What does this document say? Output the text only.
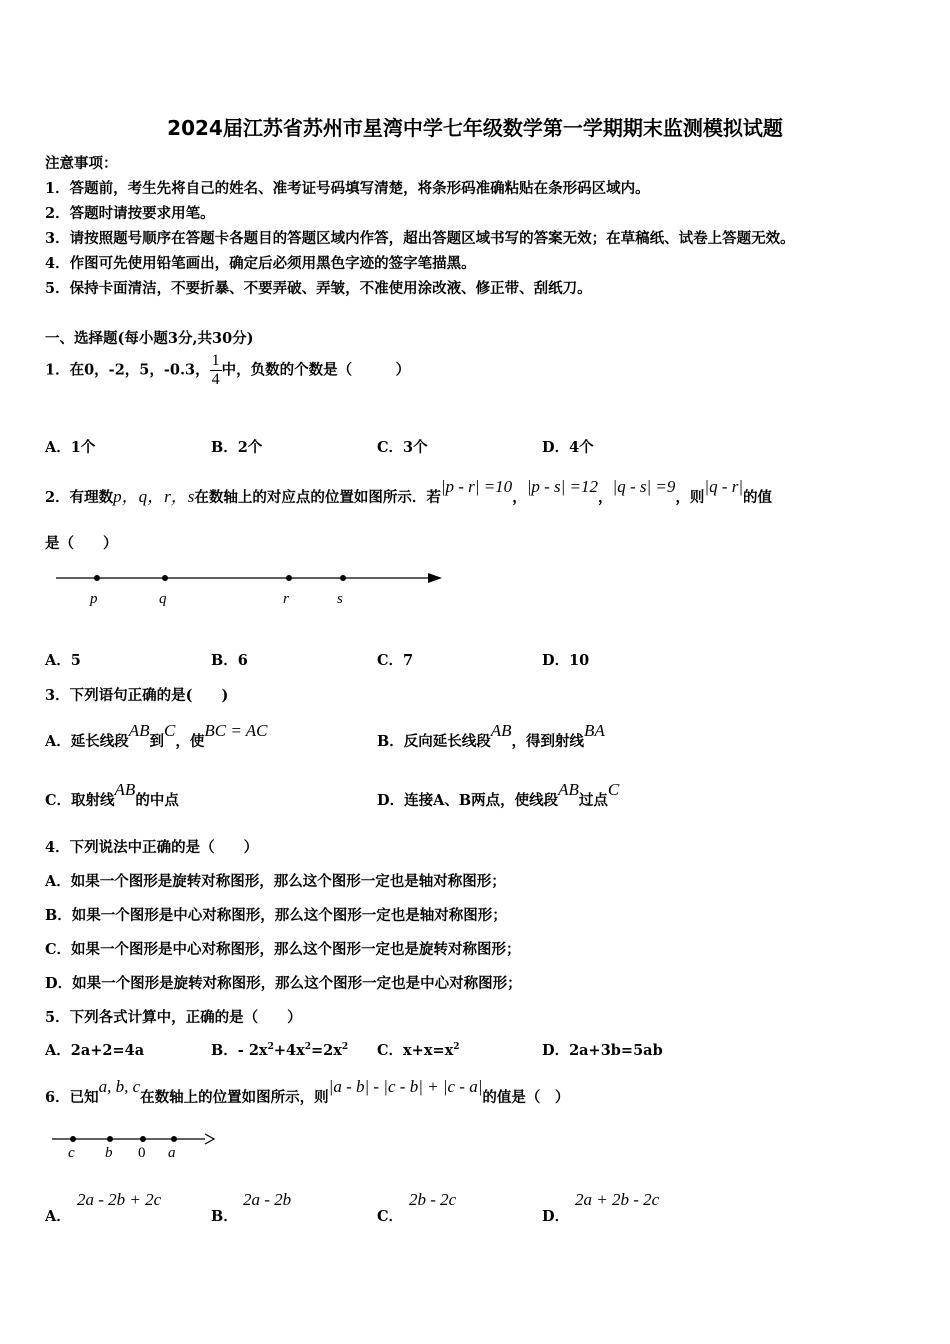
2024届江苏省苏州市星湾中学七年级数学第一学期期末监测模拟试题
注意事项：
1．答题前，考生先将自己的姓名、准考证号码填写清楚，将条形码准确粘贴在条形码区域内。
2．答题时请按要求用笔。
3．请按照题号顺序在答题卡各题目的答题区域内作答，超出答题区域书写的答案无效；在草稿纸、试卷上答题无效。
4．作图可先使用铅笔画出，确定后必须用黑色字迹的签字笔描黑。
5．保持卡面清洁，不要折暴、不要弄破、弄皱，不准使用涂改液、修正带、刮纸刀。
一、选择题(每小题3分,共30分)
1．在0，-2，5，-0.3， $\frac{1}{4}$ 中，负数的个数是（　　　）
A．1个	B．2个	C．3个	D．4个
2．有理数p，q，r，s在数轴上的对应点的位置如图所示．若|p - r| =10，|p - s| =12，|q - s| =9，则|q - r|的值
是（　　）
p	q	r	s
A．5	B．6	C．7	D．10
3．下列语句正确的是(　　)
A．延长线段AB到C，使BC = AC
B．反向延长线段AB，得到射线BA
C．取射线AB的中点	D．连接A、B两点，使线段AB过点C
4．下列说法中正确的是（　　）
A．如果一个图形是旋转对称图形，那么这个图形一定也是轴对称图形；
B．如果一个图形是中心对称图形，那么这个图形一定也是轴对称图形；
C．如果一个图形是中心对称图形，那么这个图形一定也是旋转对称图形；
D．如果一个图形是旋转对称图形，那么这个图形一定也是中心对称图形；
5．下列各式计算中，正确的是（　　）
A．2a+2=4a	B．- $2x^2+4x^2=2x^2$ C．$x+x=x^2$	D．2a+3b=5ab
6．已知a, b, c在数轴上的位置如图所示，则|a - b| - |c - b| + |c - a|的值是（　）
c b 0 a
A．
2a - 2b + 2c
B．
2a - 2b
C．
2b - 2c
D．
2a + 2b - 2c
